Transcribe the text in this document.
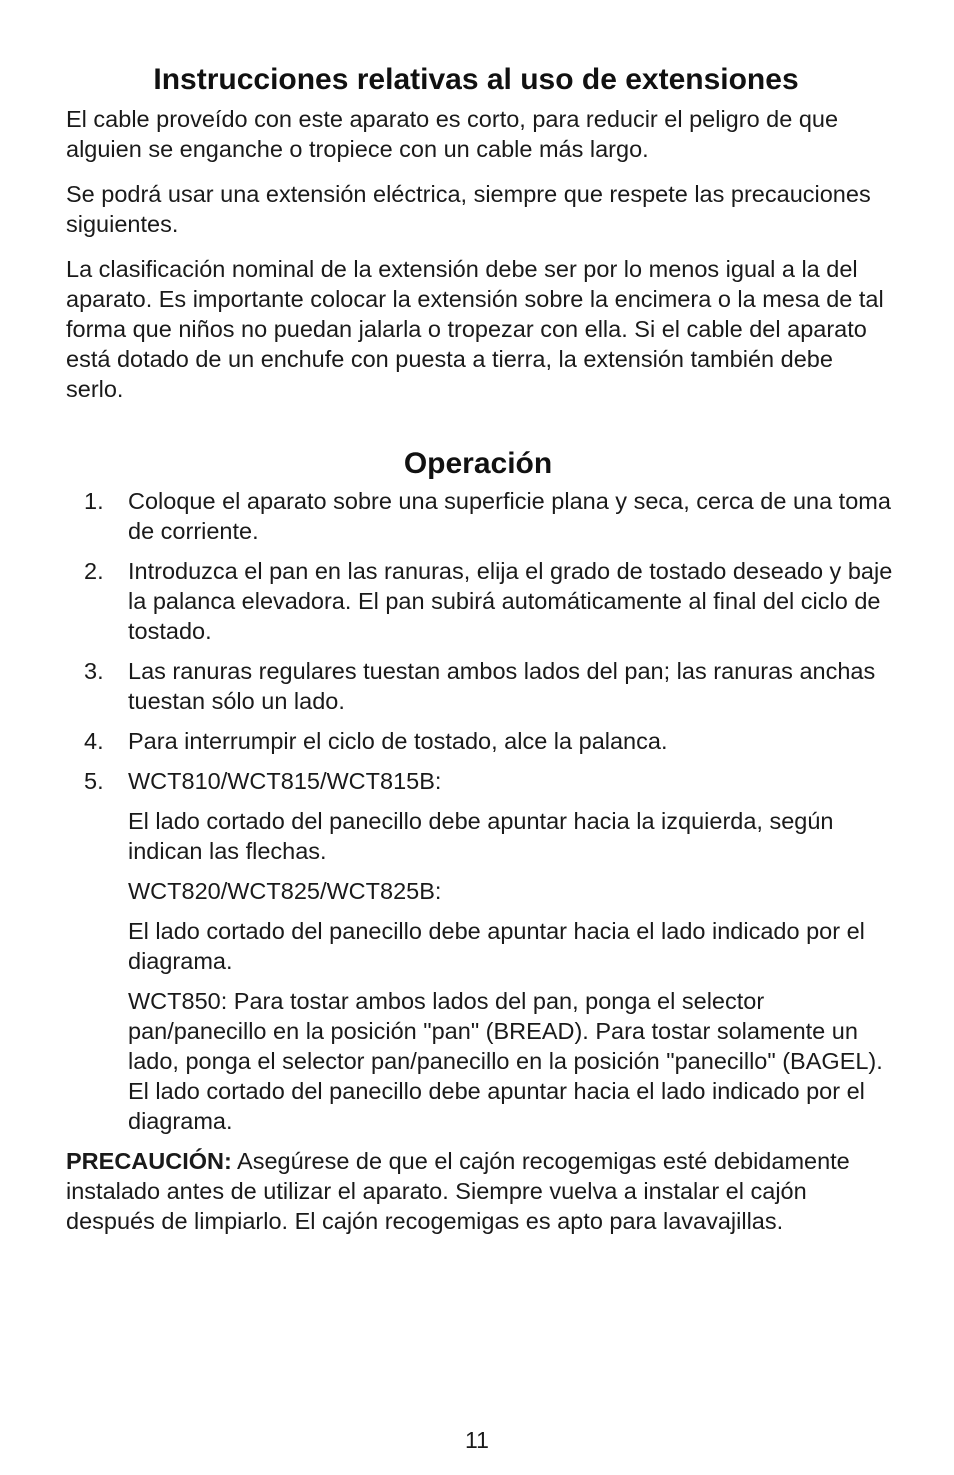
Instrucciones relativas al uso de extensiones

El cable proveído con este aparato es corto, para reducir el peligro de que alguien se enganche o tropiece con un cable más largo.

Se podrá usar una extensión eléctrica, siempre que respete las precauciones siguientes.

La clasificación nominal de la extensión debe ser por lo menos igual a la del aparato. Es importante colocar la extensión sobre la encimera o la mesa de tal forma que niños no puedan jalarla o tropezar con ella. Si el cable del aparato está dotado de un enchufe con puesta a tierra, la extensión también debe serlo.

Operación
1. Coloque el aparato sobre una superficie plana y seca, cerca de una toma de corriente.
2. Introduzca el pan en las ranuras, elija el grado de tostado deseado y baje la palanca elevadora. El pan subirá automáticamente al final del ciclo de tostado.
3. Las ranuras regulares tuestan ambos lados del pan; las ranuras anchas tuestan sólo un lado.
4. Para interrumpir el ciclo de tostado, alce la palanca.
5. WCT810/WCT815/WCT815B:

El lado cortado del panecillo debe apuntar hacia la izquierda, según indican las flechas.

WCT820/WCT825/WCT825B:

El lado cortado del panecillo debe apuntar hacia el lado indicado por el diagrama.

WCT850: Para tostar ambos lados del pan, ponga el selector pan/panecillo en la posición "pan" (BREAD). Para tostar solamente un lado, ponga el selector pan/panecillo en la posición "panecillo" (BAGEL). El lado cortado del panecillo debe apuntar hacia el lado indicado por el diagrama.

PRECAUCIÓN: Asegúrese de que el cajón recogemigas esté debidamente instalado antes de utilizar el aparato. Siempre vuelva a instalar el cajón después de limpiarlo. El cajón recogemigas es apto para lavavajillas.

11
